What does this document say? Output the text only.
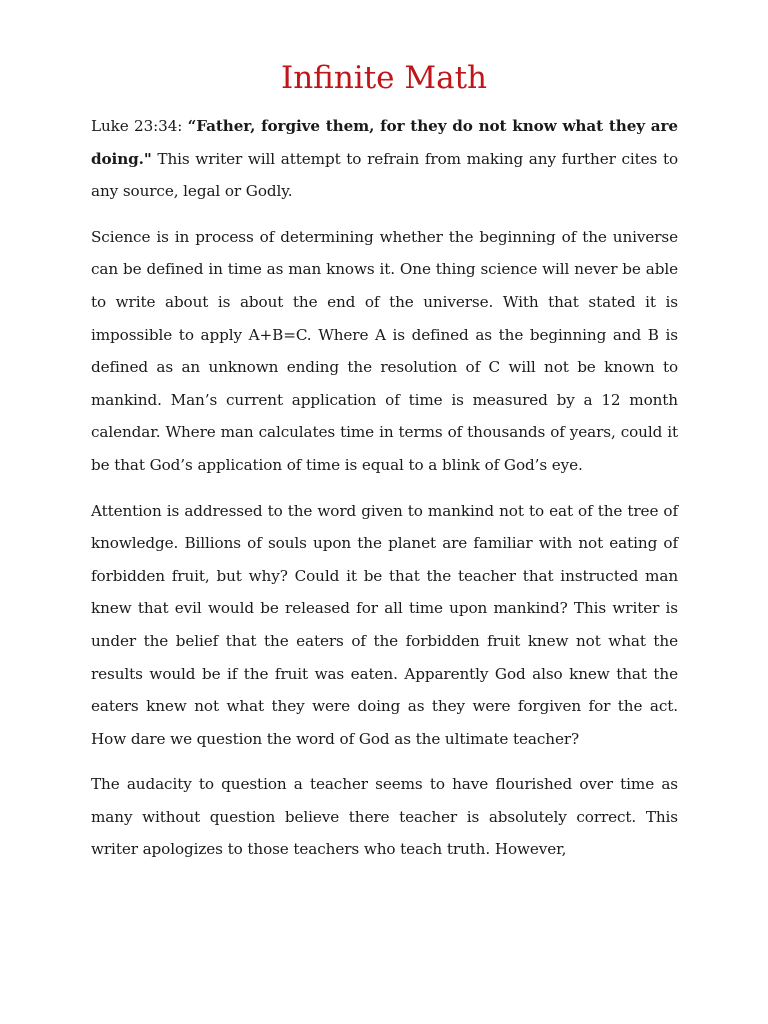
Infinite Math

Luke 23:34: “Father, forgive them, for they do not know what they are doing." This writer will attempt to refrain from making any further cites to any source, legal or Godly.

Science is in process of determining whether the beginning of the universe can be defined in time as man knows it. One thing science will never be able to write about is about the end of the universe. With that stated it is impossible to apply A+B=C. Where A is defined as the beginning and B is defined as an unknown ending the resolution of C will not be known to mankind. Man’s current application of time is measured by a 12 month calendar. Where man calculates time in terms of thousands of years, could it be that God’s application of time is equal to a blink of God’s eye.

Attention is addressed to the word given to mankind not to eat of the tree of knowledge. Billions of souls upon the planet are familiar with not eating of forbidden fruit, but why? Could it be that the teacher that instructed man knew that evil would be released for all time upon mankind? This writer is under the belief that the eaters of the forbidden fruit knew not what the results would be if the fruit was eaten. Apparently God also knew that the eaters knew not what they were doing as they were forgiven for the act. How dare we question the word of God as the ultimate teacher?

The audacity to question a teacher seems to have flourished over time as many without question believe there teacher is absolutely correct. This writer apologizes to those teachers who teach truth. However,
